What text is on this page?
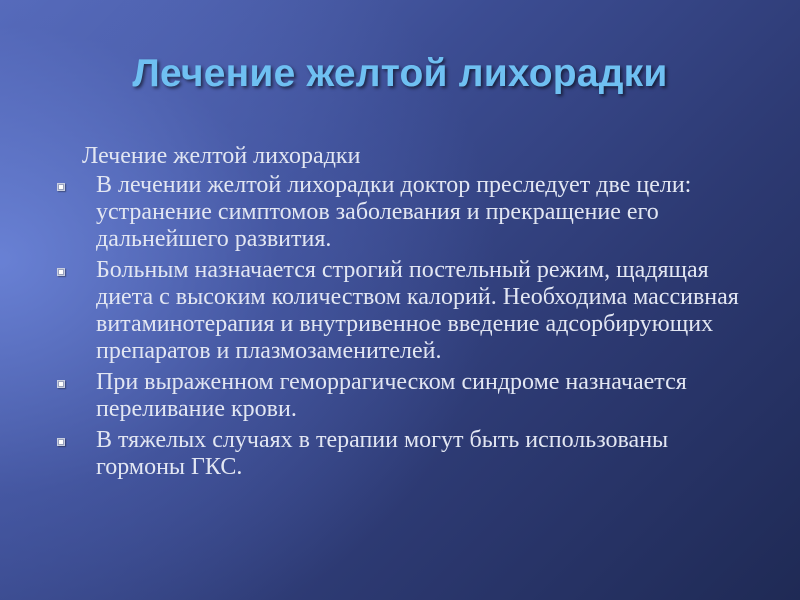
Лечение желтой лихорадки

Лечение желтой лихорадки

В лечении желтой лихорадки доктор преследует две цели: устранение симптомов заболевания и прекращение его дальнейшего развития.
Больным назначается строгий постельный режим, щадящая диета с высоким количеством калорий. Необходима массивная витаминотерапия и внутривенное введение адсорбирующих препаратов и плазмозаменителей.
При выраженном геморрагическом синдроме назначается переливание крови.
В тяжелых случаях в терапии могут быть использованы гормоны ГКС.
